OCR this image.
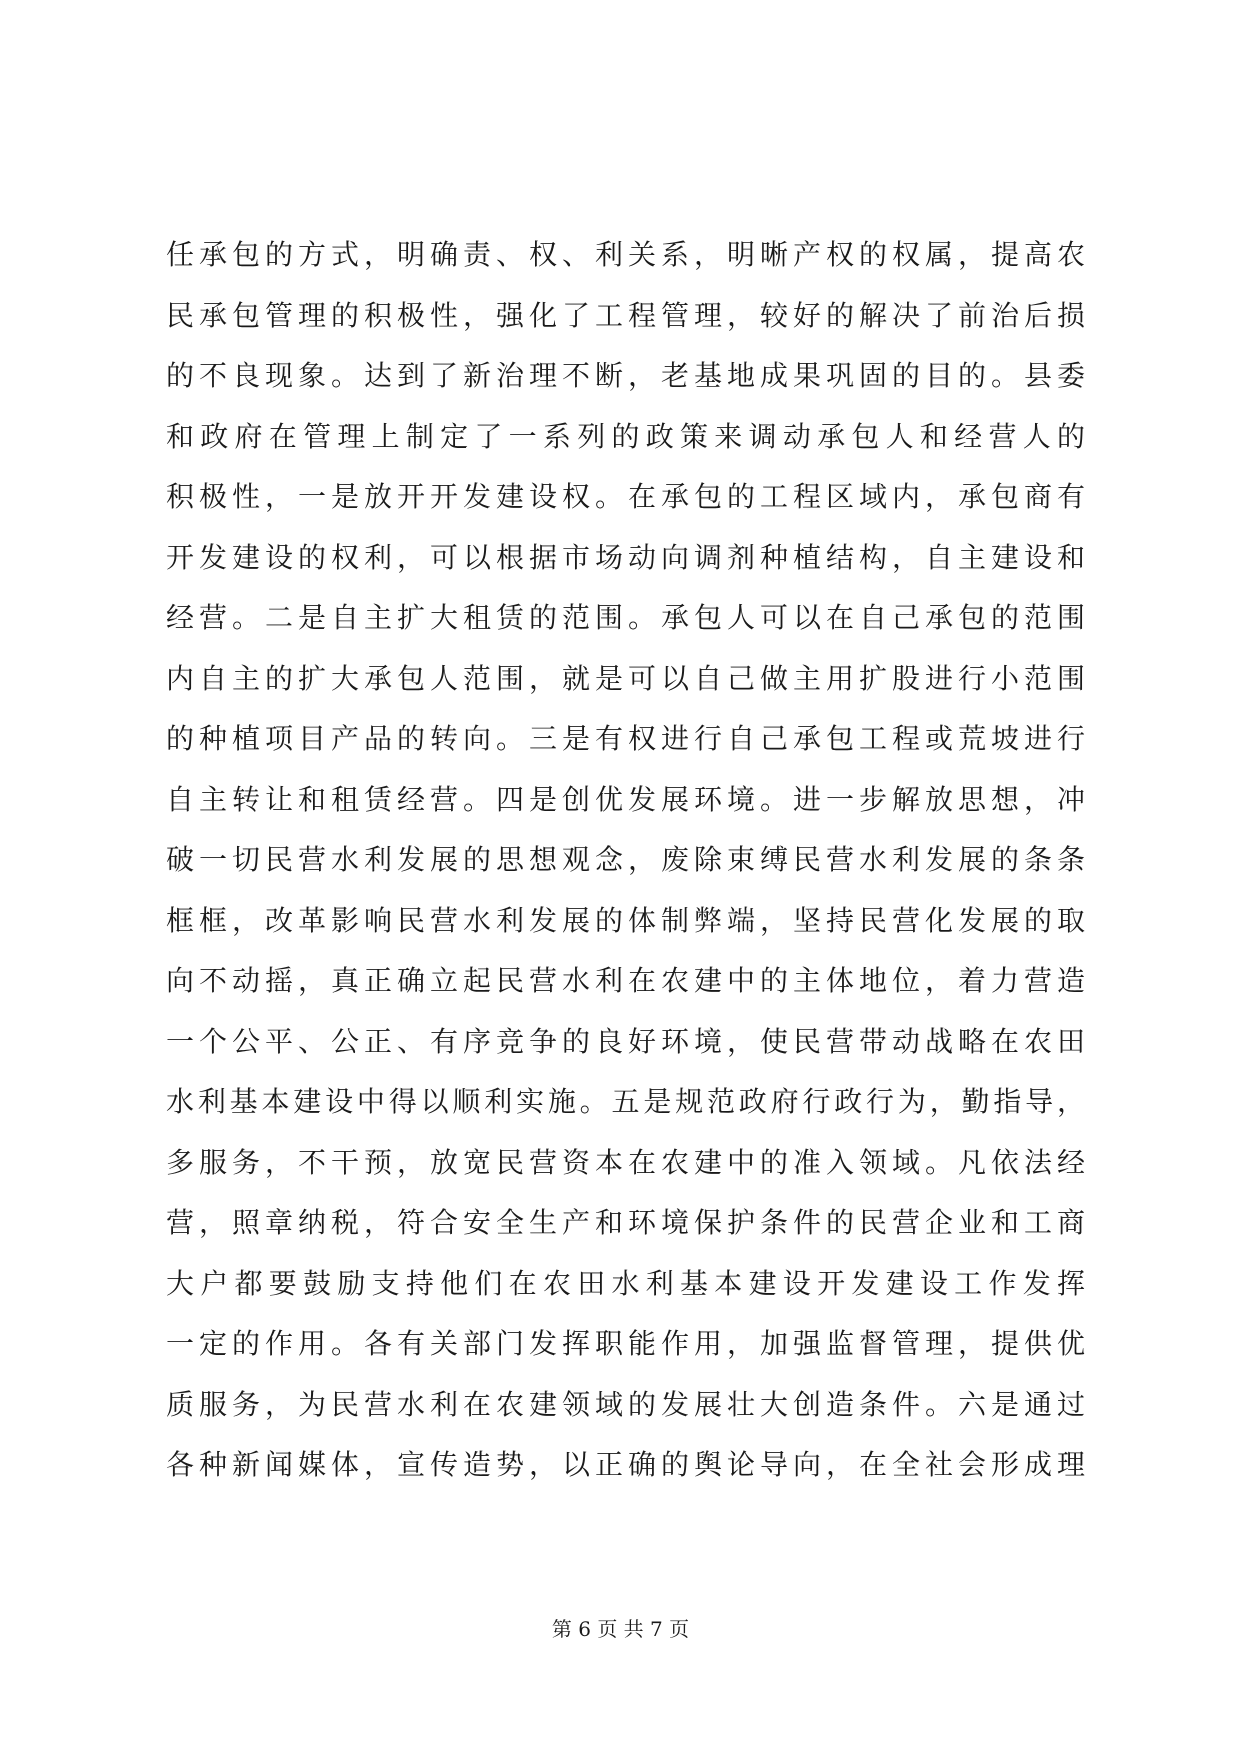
任承包的方式，明确责、权、利关系，明晰产权的权属，提高农
民承包管理的积极性，强化了工程管理，较好的解决了前治后损
的不良现象。达到了新治理不断，老基地成果巩固的目的。县委
和政府在管理上制定了一系列的政策来调动承包人和经营人的
积极性，一是放开开发建设权。在承包的工程区域内，承包商有
开发建设的权利，可以根据市场动向调剂种植结构，自主建设和
经营。二是自主扩大租赁的范围。承包人可以在自己承包的范围
内自主的扩大承包人范围，就是可以自己做主用扩股进行小范围
的种植项目产品的转向。三是有权进行自己承包工程或荒坡进行
自主转让和租赁经营。四是创优发展环境。进一步解放思想，冲
破一切民营水利发展的思想观念，废除束缚民营水利发展的条条
框框，改革影响民营水利发展的体制弊端，坚持民营化发展的取
向不动摇，真正确立起民营水利在农建中的主体地位，着力营造
一个公平、公正、有序竞争的良好环境，使民营带动战略在农田
水利基本建设中得以顺利实施。五是规范政府行政行为，勤指导，
多服务，不干预，放宽民营资本在农建中的准入领域。凡依法经
营，照章纳税，符合安全生产和环境保护条件的民营企业和工商
大户都要鼓励支持他们在农田水利基本建设开发建设工作发挥
一定的作用。各有关部门发挥职能作用，加强监督管理，提供优
质服务，为民营水利在农建领域的发展壮大创造条件。六是通过
各种新闻媒体，宣传造势，以正确的舆论导向，在全社会形成理
第 6 页 共 7 页
